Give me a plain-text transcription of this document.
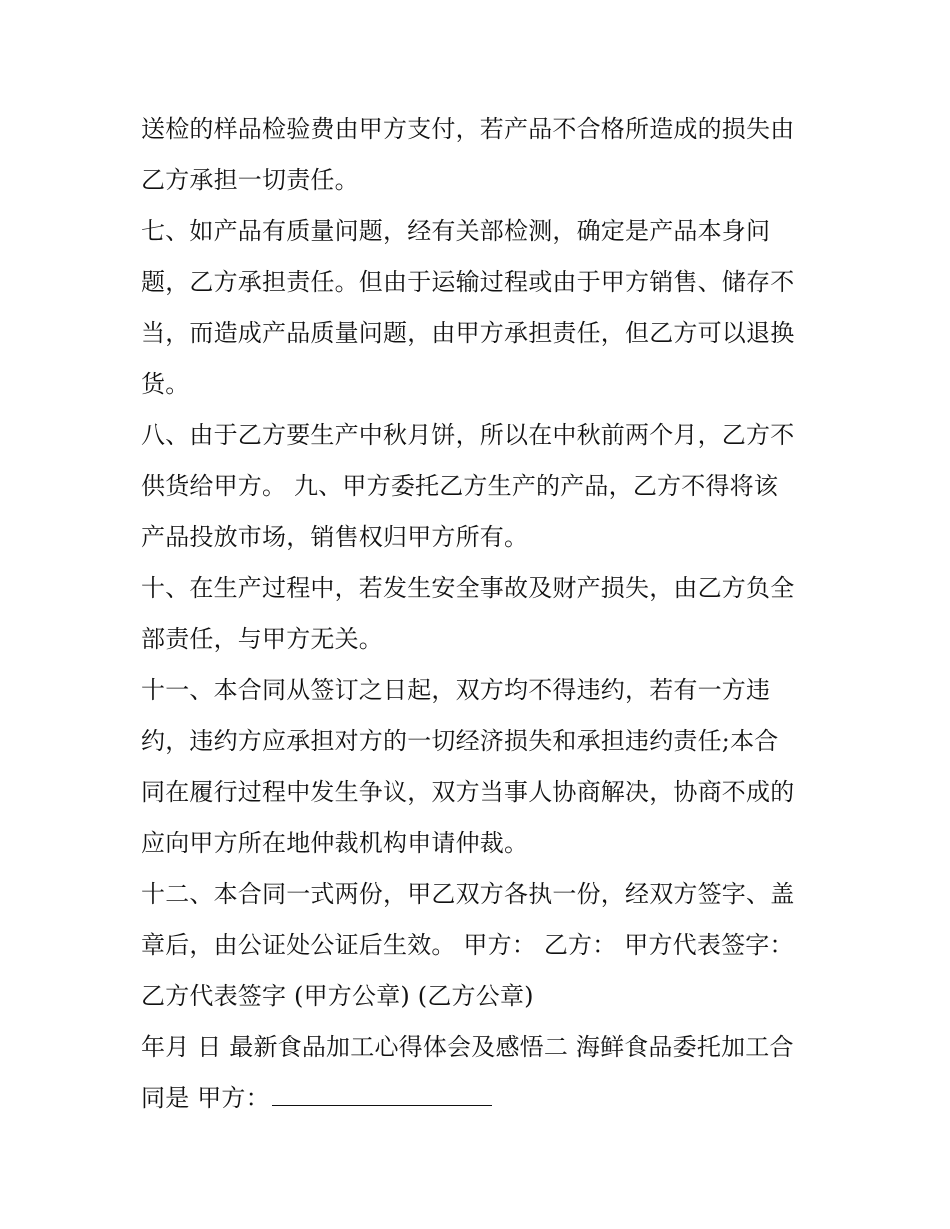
送检的样品检验费由甲方支付，若产品不合格所造成的损失由
乙方承担一切责任。
七、如产品有质量问题，经有关部检测，确定是产品本身问
题，乙方承担责任。但由于运输过程或由于甲方销售、储存不
当，而造成产品质量问题，由甲方承担责任，但乙方可以退换
货。
八、由于乙方要生产中秋月饼，所以在中秋前两个月，乙方不
供货给甲方。 九、甲方委托乙方生产的产品，乙方不得将该
产品投放市场，销售权归甲方所有。
十、在生产过程中，若发生安全事故及财产损失，由乙方负全
部责任，与甲方无关。
十一、本合同从签订之日起，双方均不得违约，若有一方违
约，违约方应承担对方的一切经济损失和承担违约责任;本合
同在履行过程中发生争议，双方当事人协商解决，协商不成的
应向甲方所在地仲裁机构申请仲裁。
十二、本合同一式两份，甲乙双方各执一份，经双方签字、盖
章后，由公证处公证后生效。 甲方： 乙方： 甲方代表签字：
乙方代表签字 (甲方公章) (乙方公章)
年月 日 最新食品加工心得体会及感悟二 海鲜食品委托加工合
同是 甲方：
